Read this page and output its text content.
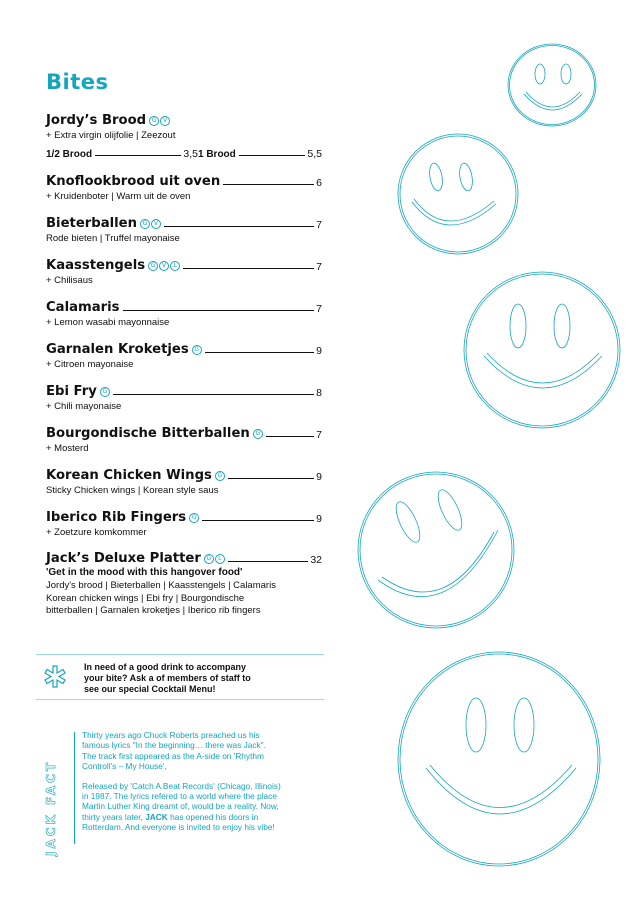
Bites
Jordy’s Brood G	V
+ Extra virgin olijfolie | Zeezout
1/2 Brood	3,5 1 Brood	5,5
Knoflookbrood uit oven	6
+ Kruidenboter | Warm uit de oven
Bieterballen G	V	7
Rode bieten | Truffel mayonaise
Kaasstengels G	V	L	7
+ Chilisaus
Calamaris	7
+ Lemon wasabi mayonnaise
Garnalen Kroketjes G	9
+ Citroen mayonaise
Ebi Fry G	8
+ Chili mayonaise
Bourgondische Bitterballen G	7
+ Mosterd
Korean Chicken Wings G	9
Sticky Chicken wings | Korean style saus
Iberico Rib Fingers G	9
+ Zoetzure komkommer
Jack’s Deluxe Platter G	L	32
'Get in the mood with this hangover food'
Jordy's brood | Bieterballen | Kaasstengels | Calamaris
Korean chicken wings | Ebi fry | Bourgondische
bitterballen | Garnalen kroketjes | Iberico rib fingers
In need of a good drink to accompany
your bite? Ask a of members of staff to
see our special Cocktail Menu!
JACK FACT

Thirty years ago Chuck Roberts preached us his famous lyrics "In the beginning… there was Jack". The track first appeared as the A-side on 'Rhythm Controll's – My House',

Released by 'Catch A Beat Records' (Chicago, Illinois) in 1987. The lyrics refered to a world where the place Martin Luther King dreamt of, would be a reality. Now, thirty years later, JACK has opened his doors in Rotterdam. And everyone is invited to enjoy his vibe!
